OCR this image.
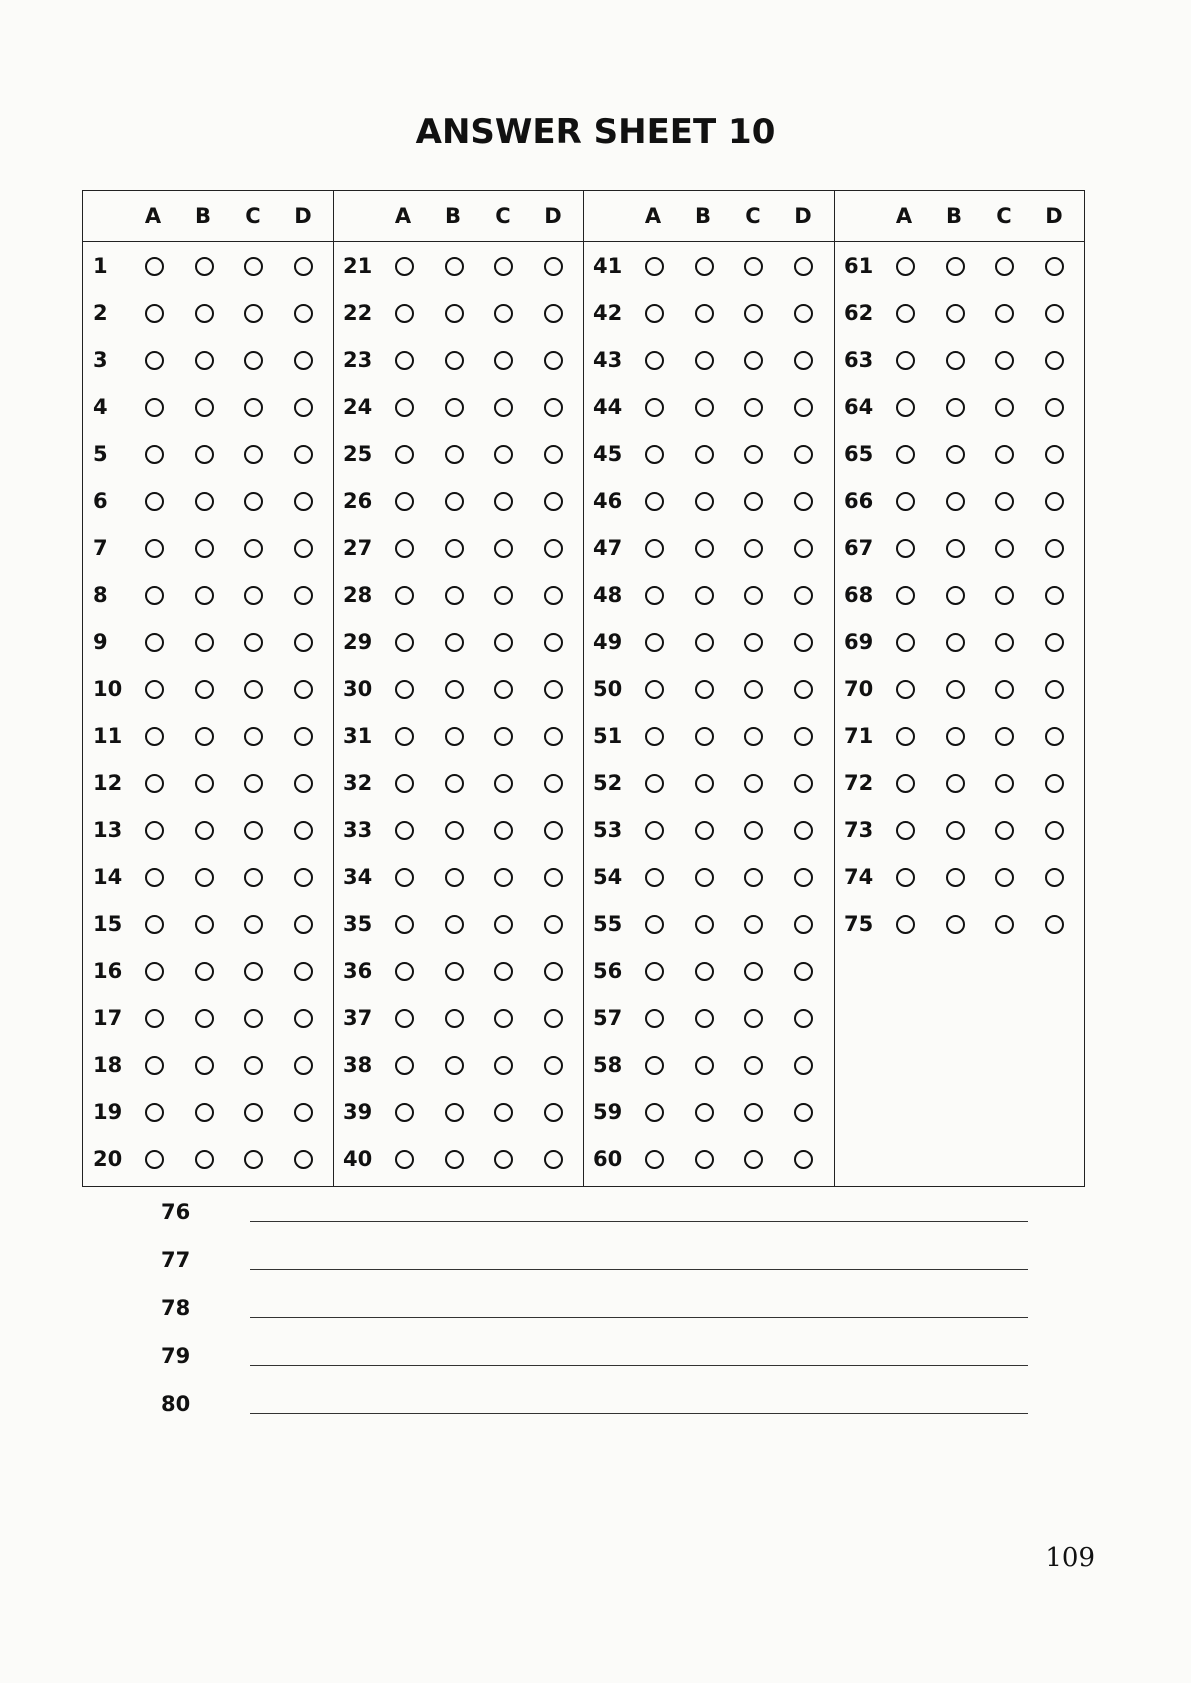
ANSWER SHEET 10
A B C D
1
2
3
4
5
6
7
8
9
10
11
12
13
14
15
16
17
18
19
20
A B C D
21
22
23
24
25
26
27
28
29
30
31
32
33
34
35
36
37
38
39
40
A B C D
41
42
43
44
45
46
47
48
49
50
51
52
53
54
55
56
57
58
59
60
A B C D
61
62
63
64
65
66
67
68
69
70
71
72
73
74
75
76
77
78
79
80
109
